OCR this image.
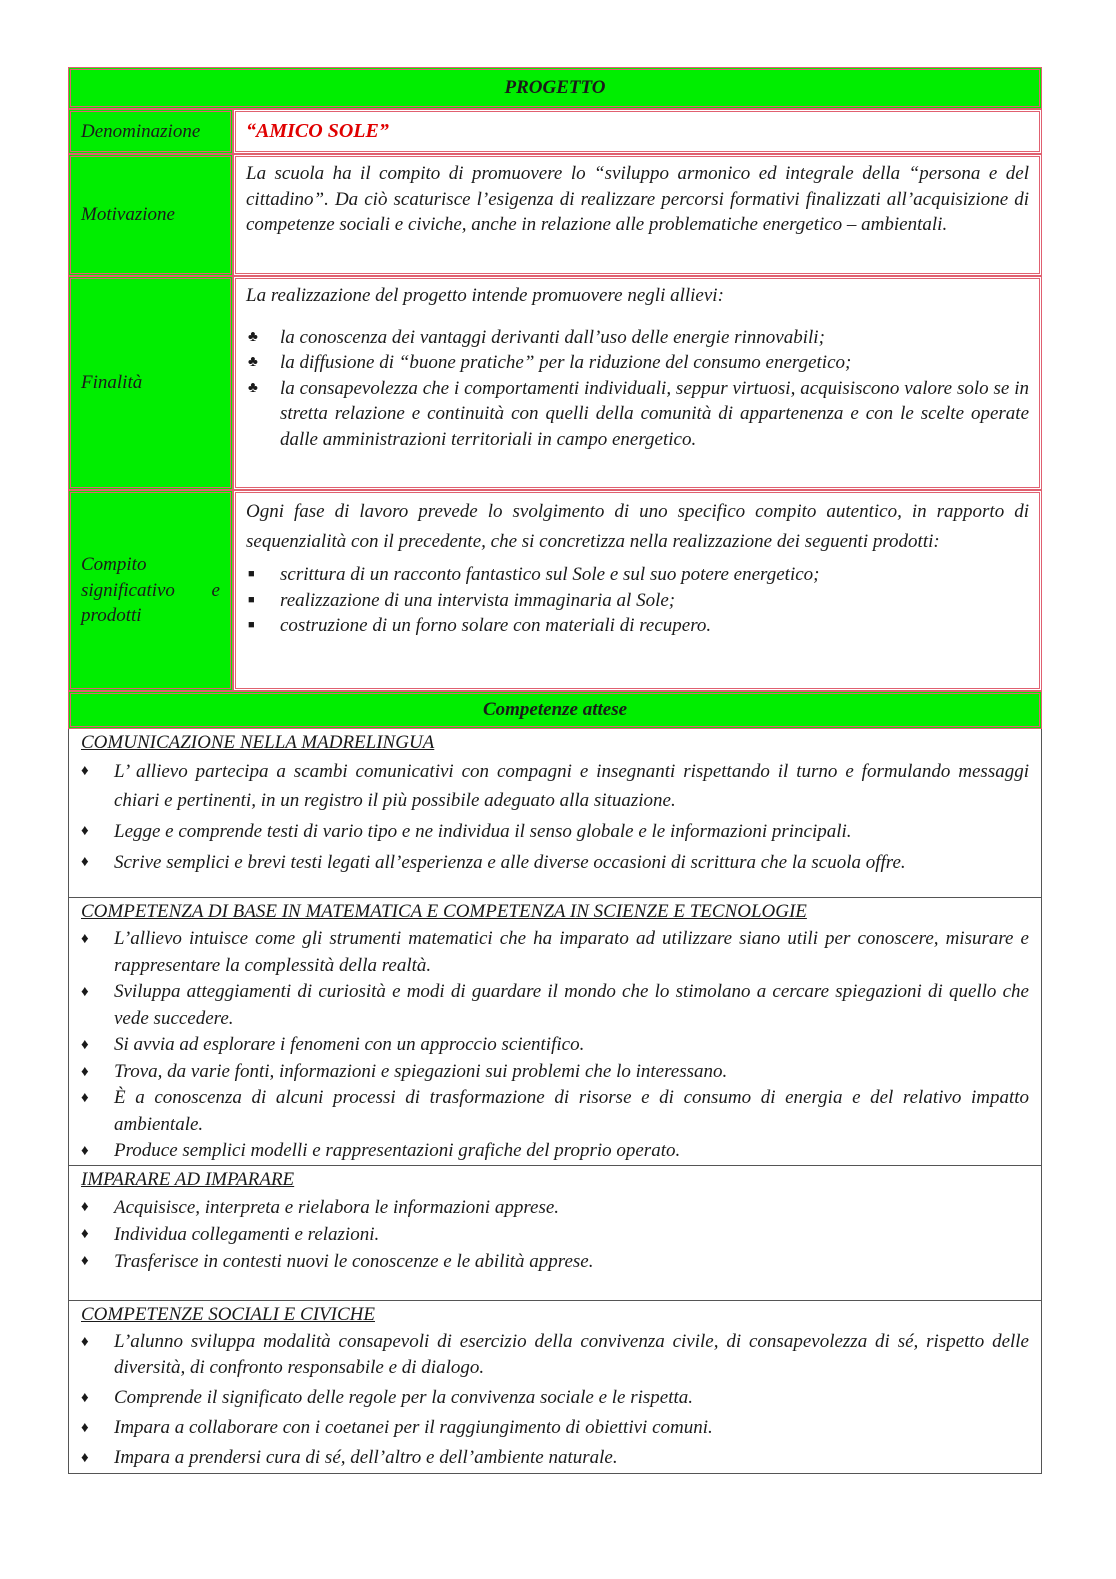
PROGETTO
Denominazione	“AMICO SOLE”
Motivazione
La scuola ha il compito di promuovere lo “sviluppo armonico ed integrale della “persona e del cittadino”. Da ciò scaturisce l’esigenza di realizzare percorsi formativi finalizzati all’acquisizione di competenze sociali e civiche, anche in relazione alle problematiche energetico – ambientali.
Finalità
La realizzazione del progetto intende promuovere negli allievi:
♣ la conoscenza dei vantaggi derivanti dall’uso delle energie rinnovabili;
♣ la diffusione di “buone pratiche” per la riduzione del consumo energetico;
♣ la consapevolezza che i comportamenti individuali, seppur virtuosi, acquisiscono valore solo se in stretta relazione e continuità con quelli della comunità di appartenenza e con le scelte operate dalle amministrazioni territoriali in campo energetico.
Compito significativo e prodotti
Ogni fase di lavoro prevede lo svolgimento di uno specifico compito autentico, in rapporto di sequenzialità con il precedente, che si concretizza nella realizzazione dei seguenti prodotti:
■ scrittura di un racconto fantastico sul Sole e sul suo potere energetico;
■ realizzazione di una intervista immaginaria al Sole;
■ costruzione di un forno solare con materiali di recupero.
Competenze attese
COMUNICAZIONE NELLA MADRELINGUA
♦ L’ allievo partecipa a scambi comunicativi con compagni e insegnanti rispettando il turno e formulando messaggi chiari e pertinenti, in un registro il più possibile adeguato alla situazione.
♦ Legge e comprende testi di vario tipo e ne individua il senso globale e le informazioni principali.
♦ Scrive semplici e brevi testi legati all’esperienza e alle diverse occasioni di scrittura che la scuola offre.
COMPETENZA DI BASE IN MATEMATICA E COMPETENZA IN SCIENZE E TECNOLOGIE
♦ L’allievo intuisce come gli strumenti matematici che ha imparato ad utilizzare siano utili per conoscere, misurare e rappresentare la complessità della realtà.
♦ Sviluppa atteggiamenti di curiosità e modi di guardare il mondo che lo stimolano a cercare spiegazioni di quello che vede succedere.
♦ Si avvia ad esplorare i fenomeni con un approccio scientifico.
♦ Trova, da varie fonti, informazioni e spiegazioni sui problemi che lo interessano.
♦ È a conoscenza di alcuni processi di trasformazione di risorse e di consumo di energia e del relativo impatto ambientale.
♦ Produce semplici modelli e rappresentazioni grafiche del proprio operato.
IMPARARE AD IMPARARE
♦ Acquisisce, interpreta e rielabora le informazioni apprese.
♦ Individua collegamenti e relazioni.
♦ Trasferisce in contesti nuovi le conoscenze e le abilità apprese.
COMPETENZE SOCIALI E CIVICHE
♦ L’alunno sviluppa modalità consapevoli di esercizio della convivenza civile, di consapevolezza di sé, rispetto delle diversità, di confronto responsabile e di dialogo.
♦ Comprende il significato delle regole per la convivenza sociale e le rispetta.
♦ Impara a collaborare con i coetanei per il raggiungimento di obiettivi comuni.
♦ Impara a prendersi cura di sé, dell’altro e dell’ambiente naturale.
